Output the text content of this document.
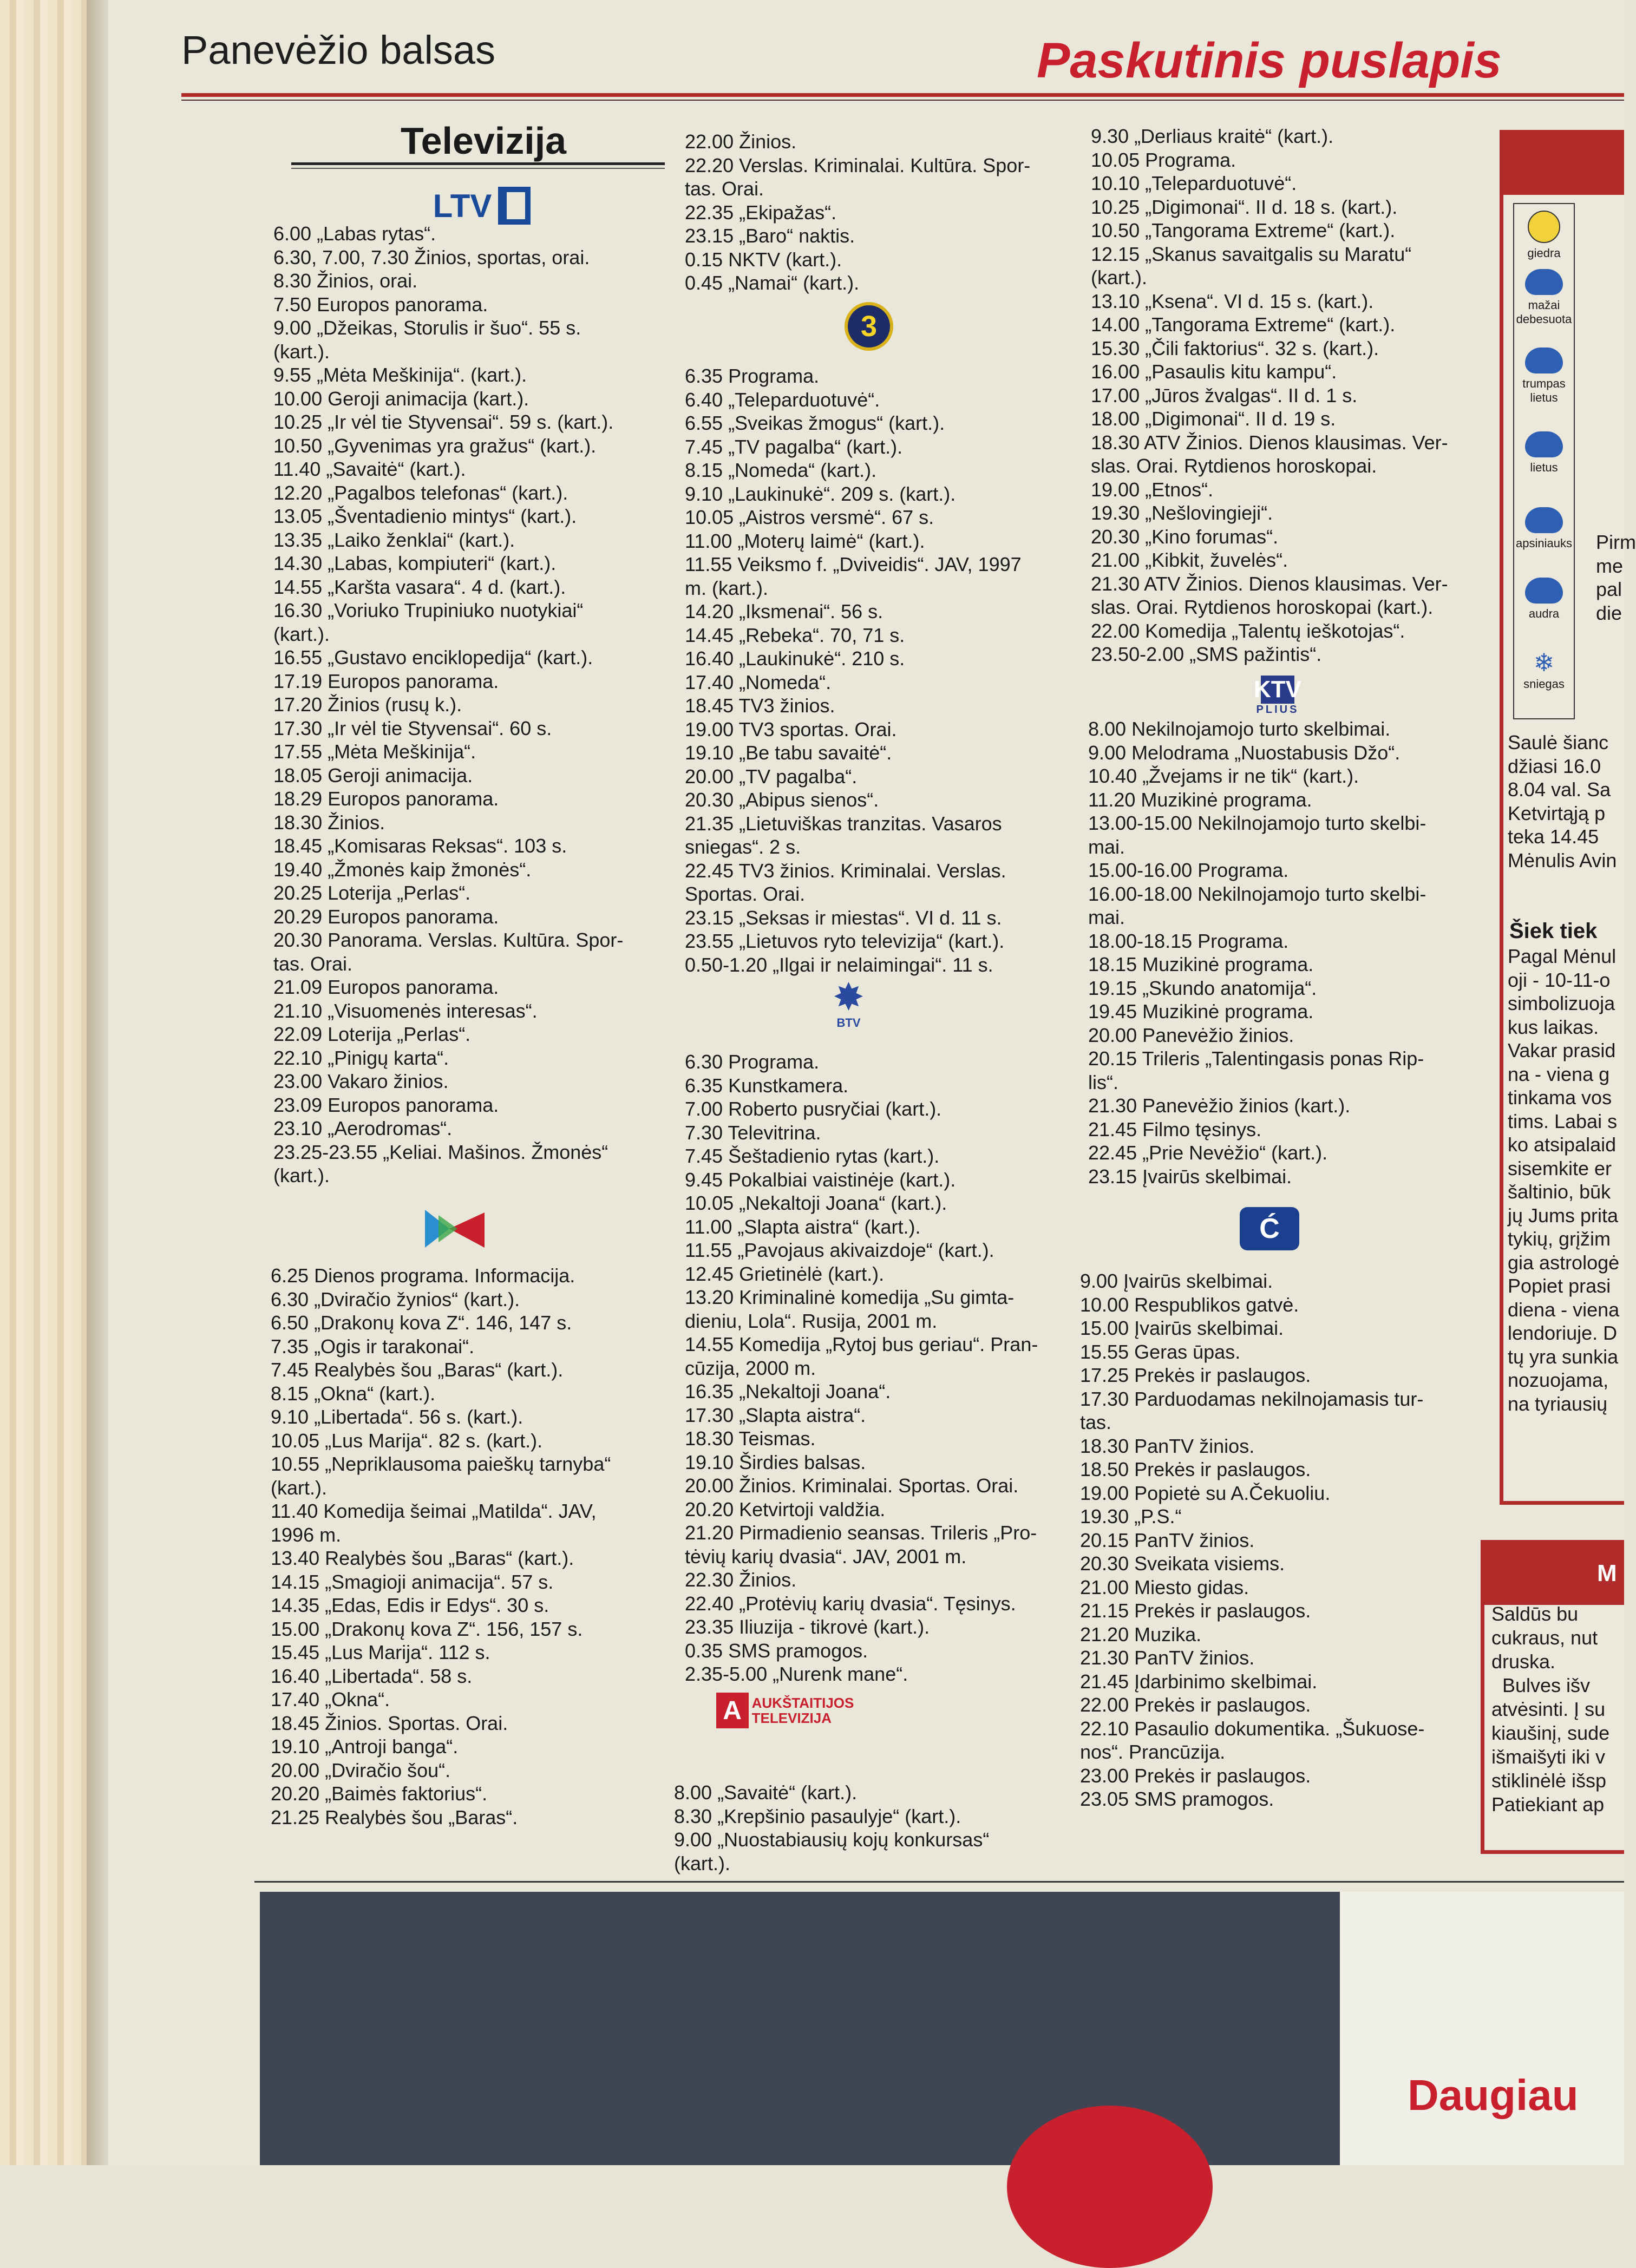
Panevėžio balsas	Paskutinis puslapis
Televizija
LTV
6.00 „Labas rytas“.
6.30, 7.00, 7.30 Žinios, sportas, orai.
8.30 Žinios, orai.
7.50 Europos panorama.
9.00 „Džeikas, Storulis ir šuo“. 55 s.
(kart.).
9.55 „Mėta Meškinija“. (kart.).
10.00 Geroji animacija (kart.).
10.25 „Ir vėl tie Styvensai“. 59 s. (kart.).
10.50 „Gyvenimas yra gražus“ (kart.).
11.40 „Savaitė“ (kart.).
12.20 „Pagalbos telefonas“ (kart.).
13.05 „Šventadienio mintys“ (kart.).
13.35 „Laiko ženklai“ (kart.).
14.30 „Labas, kompiuteri“ (kart.).
14.55 „Karšta vasara“. 4 d. (kart.).
16.30 „Voriuko Trupiniuko nuotykiai“
(kart.).
16.55 „Gustavo enciklopedija“ (kart.).
17.19 Europos panorama.
17.20 Žinios (rusų k.).
17.30 „Ir vėl tie Styvensai“. 60 s.
17.55 „Mėta Meškinija“.
18.05 Geroji animacija.
18.29 Europos panorama.
18.30 Žinios.
18.45 „Komisaras Reksas“. 103 s.
19.40 „Žmonės kaip žmonės“.
20.25 Loterija „Perlas“.
20.29 Europos panorama.
20.30 Panorama. Verslas. Kultūra. Spor-
tas. Orai.
21.09 Europos panorama.
21.10 „Visuomenės interesas“.
22.09 Loterija „Perlas“.
22.10 „Pinigų karta“.
23.00 Vakaro žinios.
23.09 Europos panorama.
23.10 „Aerodromas“.
23.25-23.55 „Keliai. Mašinos. Žmonės“
(kart.).
6.25 Dienos programa. Informacija.
6.30 „Dviračio žynios“ (kart.).
6.50 „Drakonų kova Z“. 146, 147 s.
7.35 „Ogis ir tarakonai“.
7.45 Realybės šou „Baras“ (kart.).
8.15 „Okna“ (kart.).
9.10 „Libertada“. 56 s. (kart.).
10.05 „Lus Marija“. 82 s. (kart.).
10.55 „Nepriklausoma paieškų tarnyba“
(kart.).
11.40 Komedija šeimai „Matilda“. JAV,
1996 m.
13.40 Realybės šou „Baras“ (kart.).
14.15 „Smagioji animacija“. 57 s.
14.35 „Edas, Edis ir Edys“. 30 s.
15.00 „Drakonų kova Z“. 156, 157 s.
15.45 „Lus Marija“. 112 s.
16.40 „Libertada“. 58 s.
17.40 „Okna“.
18.45 Žinios. Sportas. Orai.
19.10 „Antroji banga“.
20.00 „Dviračio šou“.
20.20 „Baimės faktorius“.
21.25 Realybės šou „Baras“.
22.00 Žinios.
22.20 Verslas. Kriminalai. Kultūra. Spor-
tas. Orai.
22.35 „Ekipažas“.
23.15 „Baro“ naktis.
0.15 NKTV (kart.).
0.45 „Namai“ (kart.).
3
6.35 Programa.
6.40 „Teleparduotuvė“.
6.55 „Sveikas žmogus“ (kart.).
7.45 „TV pagalba“ (kart.).
8.15 „Nomeda“ (kart.).
9.10 „Laukinukė“. 209 s. (kart.).
10.05 „Aistros versmė“. 67 s.
11.00 „Moterų laimė“ (kart.).
11.55 Veiksmo f. „Dviveidis“. JAV, 1997
m. (kart.).
14.20 „Iksmenai“. 56 s.
14.45 „Rebeka“. 70, 71 s.
16.40 „Laukinukė“. 210 s.
17.40 „Nomeda“.
18.45 TV3 žinios.
19.00 TV3 sportas. Orai.
19.10 „Be tabu savaitė“.
20.00 „TV pagalba“.
20.30 „Abipus sienos“.
21.35 „Lietuviškas tranzitas. Vasaros
sniegas“. 2 s.
22.45 TV3 žinios. Kriminalai. Verslas.
Sportas. Orai.
23.15 „Seksas ir miestas“. VI d. 11 s.
23.55 „Lietuvos ryto televizija“ (kart.).
0.50-1.20 „Ilgai ir nelaimingai“. 11 s.
✸
BTV
6.30 Programa.
6.35 Kunstkamera.
7.00 Roberto pusryčiai (kart.).
7.30 Televitrina.
7.45 Šeštadienio rytas (kart.).
9.45 Pokalbiai vaistinėje (kart.).
10.05 „Nekaltoji Joana“ (kart.).
11.00 „Slapta aistra“ (kart.).
11.55 „Pavojaus akivaizdoje“ (kart.).
12.45 Grietinėlė (kart.).
13.20 Kriminalinė komedija „Su gimta-
dieniu, Lola“. Rusija, 2001 m.
14.55 Komedija „Rytoj bus geriau“. Pran-
cūzija, 2000 m.
16.35 „Nekaltoji Joana“.
17.30 „Slapta aistra“.
18.30 Teismas.
19.10 Širdies balsas.
20.00 Žinios. Kriminalai. Sportas. Orai.
20.20 Ketvirtoji valdžia.
21.20 Pirmadienio seansas. Trileris „Pro-
tėvių karių dvasia“. JAV, 2001 m.
22.30 Žinios.
22.40 „Protėvių karių dvasia“. Tęsinys.
23.35 Iliuzija - tikrovė (kart.).
0.35 SMS pramogos.
2.35-5.00 „Nurenk mane“.
A AUKŠTAITIJOS
TELEVIZIJA
8.00 „Savaitė“ (kart.).
8.30 „Krepšinio pasaulyje“ (kart.).
9.00 „Nuostabiausių kojų konkursas“
(kart.).
9.30 „Derliaus kraitė“ (kart.).
10.05 Programa.
10.10 „Teleparduotuvė“.
10.25 „Digimonai“. II d. 18 s. (kart.).
10.50 „Tangorama Extreme“ (kart.).
12.15 „Skanus savaitgalis su Maratu“
(kart.).
13.10 „Ksena“. VI d. 15 s. (kart.).
14.00 „Tangorama Extreme“ (kart.).
15.30 „Čili faktorius“. 32 s. (kart.).
16.00 „Pasaulis kitu kampu“.
17.00 „Jūros žvalgas“. II d. 1 s.
18.00 „Digimonai“. II d. 19 s.
18.30 ATV Žinios. Dienos klausimas. Ver-
slas. Orai. Rytdienos horoskopai.
19.00 „Etnos“.
19.30 „Nešlovingieji“.
20.30 „Kino forumas“.
21.00 „Kibkit, žuvelės“.
21.30 ATV Žinios. Dienos klausimas. Ver-
slas. Orai. Rytdienos horoskopai (kart.).
22.00 Komedija „Talentų ieškotojas“.
23.50-2.00 „SMS pažintis“.
KTV
PLIUS
8.00 Nekilnojamojo turto skelbimai.
9.00 Melodrama „Nuostabusis Džo“.
10.40 „Žvejams ir ne tik“ (kart.).
11.20 Muzikinė programa.
13.00-15.00 Nekilnojamojo turto skelbi-
mai.
15.00-16.00 Programa.
16.00-18.00 Nekilnojamojo turto skelbi-
mai.
18.00-18.15 Programa.
18.15 Muzikinė programa.
19.15 „Skundo anatomija“.
19.45 Muzikinė programa.
20.00 Panevėžio žinios.
20.15 Trileris „Talentingasis ponas Rip-
lis“.
21.30 Panevėžio žinios (kart.).
21.45 Filmo tęsinys.
22.45 „Prie Nevėžio“ (kart.).
23.15 Įvairūs skelbimai.
Ć
9.00 Įvairūs skelbimai.
10.00 Respublikos gatvė.
15.00 Įvairūs skelbimai.
15.55 Geras ūpas.
17.25 Prekės ir paslaugos.
17.30 Parduodamas nekilnojamasis tur-
tas.
18.30 PanTV žinios.
18.50 Prekės ir paslaugos.
19.00 Popietė su A.Čekuoliu.
19.30 „P.S.“
20.15 PanTV žinios.
20.30 Sveikata visiems.
21.00 Miesto gidas.
21.15 Prekės ir paslaugos.
21.20 Muzika.
21.30 PanTV žinios.
21.45 Įdarbinimo skelbimai.
22.00 Prekės ir paslaugos.
22.10 Pasaulio dokumentika. „Šukuose-
nos“. Prancūzija.
23.00 Prekės ir paslaugos.
23.05 SMS pramogos.
giedra
mažai
debesuota
trumpas
lietus
lietus
apsiniauks
audra
❄
sniegas
Pirm
me
pal
die
Saulė šianc
džiasi 16.0
8.04 val. Sa
Ketvirtąją p
teka 14.45
Mėnulis Avin
Šiek tiek
Pagal Mėnul
oji - 10-11-o
simbolizuoja
kus laikas.
Vakar prasid
na - viena g
tinkama vos
tims. Labai s
ko atsipalaid
sisemkite er
šaltinio, būk
jų Jums prita
tykių, grįžim
gia astrologė
Popiet prasi
diena - viena
lendoriuje. D
tų yra sunkia
nozuojama,
na tyriausių
M
Saldūs bu
cukraus, nut
druska.
Bulves išv
atvėsinti. Į su
kiaušinį, sude
išmaišyti iki v
stiklinėlė išsp
Patiekiant ap
Daugiau
